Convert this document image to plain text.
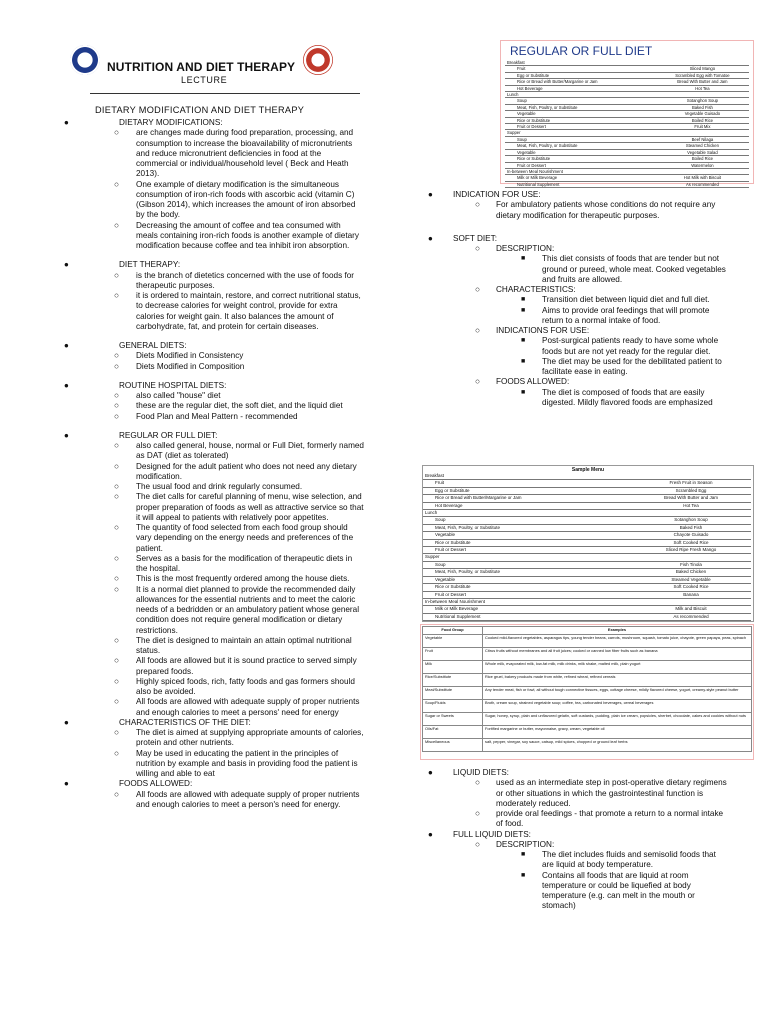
NUTRITION AND DIET THERAPY
LECTURE
DIETARY MODIFICATION AND DIET THERAPY
●	DIETARY MODIFICATIONS:
○ are changes made during food preparation, processing, and consumption to increase the bioavailability of micronutrients and reduce micronutrient deficiencies in food at the commercial or individual/household level ( Beck and Heath 2013).
○ One example of dietary modification is the simultaneous consumption of iron-rich foods with ascorbic acid (vitamin C) (Gibson 2014), which increases the amount of iron absorbed by the body.
○ Decreasing the amount of coffee and tea consumed with meals containing iron-rich foods is another example of dietary modification because coffee and tea inhibit iron absorption.
●	DIET THERAPY:
○ is the branch of dietetics concerned with the use of foods for therapeutic purposes.
○ it is ordered to maintain, restore, and correct nutritional status, to decrease calories for weight control, provide for extra calories for weight gain. It also balances the amount of carbohydrate, fat, and protein for certain diseases.
●	GENERAL DIETS:
○ Diets Modified in Consistency
○ Diets Modified in Composition
●	ROUTINE HOSPITAL DIETS:
○ also called "house" diet
○ these are the regular diet, the soft diet, and the liquid diet
○ Food Plan and Meal Pattern - recommended
●	REGULAR OR FULL DIET:
○ also called general, house, normal or Full Diet, formerly named as DAT (diet as tolerated)
○ Designed for the adult patient who does not need any dietary modification.
○ The usual food and drink regularly consumed.
○ The diet calls for careful planning of menu, wise selection, and proper preparation of foods as well as attractive service so that it will appeal to patients with relatively poor appetites.
○ The quantity of food selected from each food group should vary depending on the energy needs and preferences of the patient.
○ Serves as a basis for the modification of therapeutic diets in the hospital.
○ This is the most frequently ordered among the house diets.
○ It is a normal diet planned to provide the recommended daily allowances for the essential nutrients and to meet the caloric needs of a bedridden or an ambulatory patient whose general condition does not require general modification or dietary restrictions.
○ The diet is designed to maintain an attain optimal nutritional status.
○ All foods are allowed but it is sound practice to served simply prepared foods.
○ Highly spiced foods, rich, fatty foods and gas formers should also be avoided.
○ All foods are allowed with adequate supply of proper nutrients and enough calories to meet a persons' need for energy
●	CHARACTERISTICS OF THE DIET:
○ The diet is aimed at supplying appropriate amounts of calories, protein and other nutrients.
○ May be used in educating the patient in the principles of nutrition by example and basis in providing food the patient is willing and able to eat
●	FOODS ALLOWED:
○ All foods are allowed with adequate supply of proper nutrients and enough calories to meet a person's need for energy.
REGULAR OR FULL DIET
Breakfast	
Fruit	Sliced Mango
Egg or Substitute	Scrambled Egg with Tomatoe
Rice or Bread with Butter/Margarine or Jam	Bread With Butter and Jam
Hot Beverage	Hot Tea
Lunch	
Soup	Sotanghon Soup
Meat, Fish, Poultry, or Substitute	Baked Fish
Vegetable	Vegetable Guisado
Rice or Substitute	Boiled Rice
Fruit or Dessert	Fruit Mix
Supper	
Soup	Beef Nilaga
Meat, Fish, Poultry, or Substitute	Steamed Chicken
Vegetable	Vegetable Salad
Rice or Substitute	Boiled Rice
Fruit or Dessert	Watermelon
In-between Meal Nourishment	
Milk or Milk Beverage	Hot Milk with Biscuit
Nutritional Supplement	As recommended
● INDICATION FOR USE:
○ For ambulatory patients whose conditions do not require any dietary modification for therapeutic purposes.
● SOFT DIET:
○ DESCRIPTION:
■ This diet consists of foods that are tender but not ground or pureed, whole meat. Cooked vegetables and fruits are allowed.
○ CHARACTERISTICS:
■ Transition diet between liquid diet and full diet.
■ Aims to provide oral feedings that will promote return to a normal intake of food.
○ INDICATIONS FOR USE:
■ Post-surgical patients ready to have some whole foods but are not yet ready for the regular diet.
■ The diet may be used for the debilitated patient to facilitate ease in eating.
○ FOODS ALLOWED:
■ The diet is composed of foods that are easily digested. Mildly flavored foods are emphasized
Sample Menu
Breakfast	
Fruit	Fresh Fruit in Season
Egg or Substitute	Scrambled Egg
Rice or Bread with Butter/Margarine or Jam	Bread With Butter and Jam
Hot Beverage	Hot Tea
Lunch	
Soup	Sotanghon Soup
Meat, Fish, Poultry, or Substitute	Baked Fish
Vegetable	Chayote Guisado
Rice or Substitute	Soft Cooked Rice
Fruit or Dessert	Sliced Ripe Fresh Mango
Supper	
Soup	Fish Tinola
Meat, Fish, Poultry, or Substitute	Baked Chicken
Vegetable	Steamed Vegetable
Rice or Substitute	Soft Cooked Rice
Fruit or Dessert	Banana
In-between Meal Nourishment	
Milk or Milk Beverage	Milk and Biscuit
Nutritional Supplement	As recommended
Food Group	Examples
Vegetable	Cooked mild-flavored vegetables, asparagus tips, young tender beans, carrots, mushroom, squash, tomato juice, chayote, green papaya, peas, spinach
Fruit	Citrus fruits without membranes and all fruit juices; cooked or canned low fiber fruits such as banana
Milk	Whole milk, evaporated milk, low-fat milk, milk drinks, milk shake, malted milk, plain yogurt
Rice/Substitute	Rice gruel, bakery products made from white, refined wheat, refined cereals
Meat/Substitute	Any tender meat, fish or fowl, all without tough connective tissues, eggs, cottage cheese, mildly flavored cheese, yogurt, creamy-style peanut butter
Soup/Fluids	Broth, cream soup, strained vegetable soup; coffee, tea, carbonated beverages, cereal beverages
Sugar or Sweets	Sugar, honey, syrup, plain and unflavored gelatin, soft custards, pudding, plain ice cream, popsicles, sherbet, chocolate, cakes and cookies without nuts
Oils/Fat	Fortified margarine or butter, mayonnaise, gravy, cream, vegetable oil
Miscellaneous	salt, pepper, vinegar, soy sauce, catsup, mild spices, chopped or ground leaf herbs
● LIQUID DIETS:
○ used as an intermediate step in post-operative dietary regimens or other situations in which the gastrointestinal function is moderately reduced.
○ provide oral feedings - that promote a return to a normal intake of food.
● FULL LIQUID DIETS:
○ DESCRIPTION:
■ The diet includes fluids and semisolid foods that are liquid at body temperature.
■ Contains all foods that are liquid at room temperature or could be liquefied at body temperature (e.g. can melt in the mouth or stomach)
